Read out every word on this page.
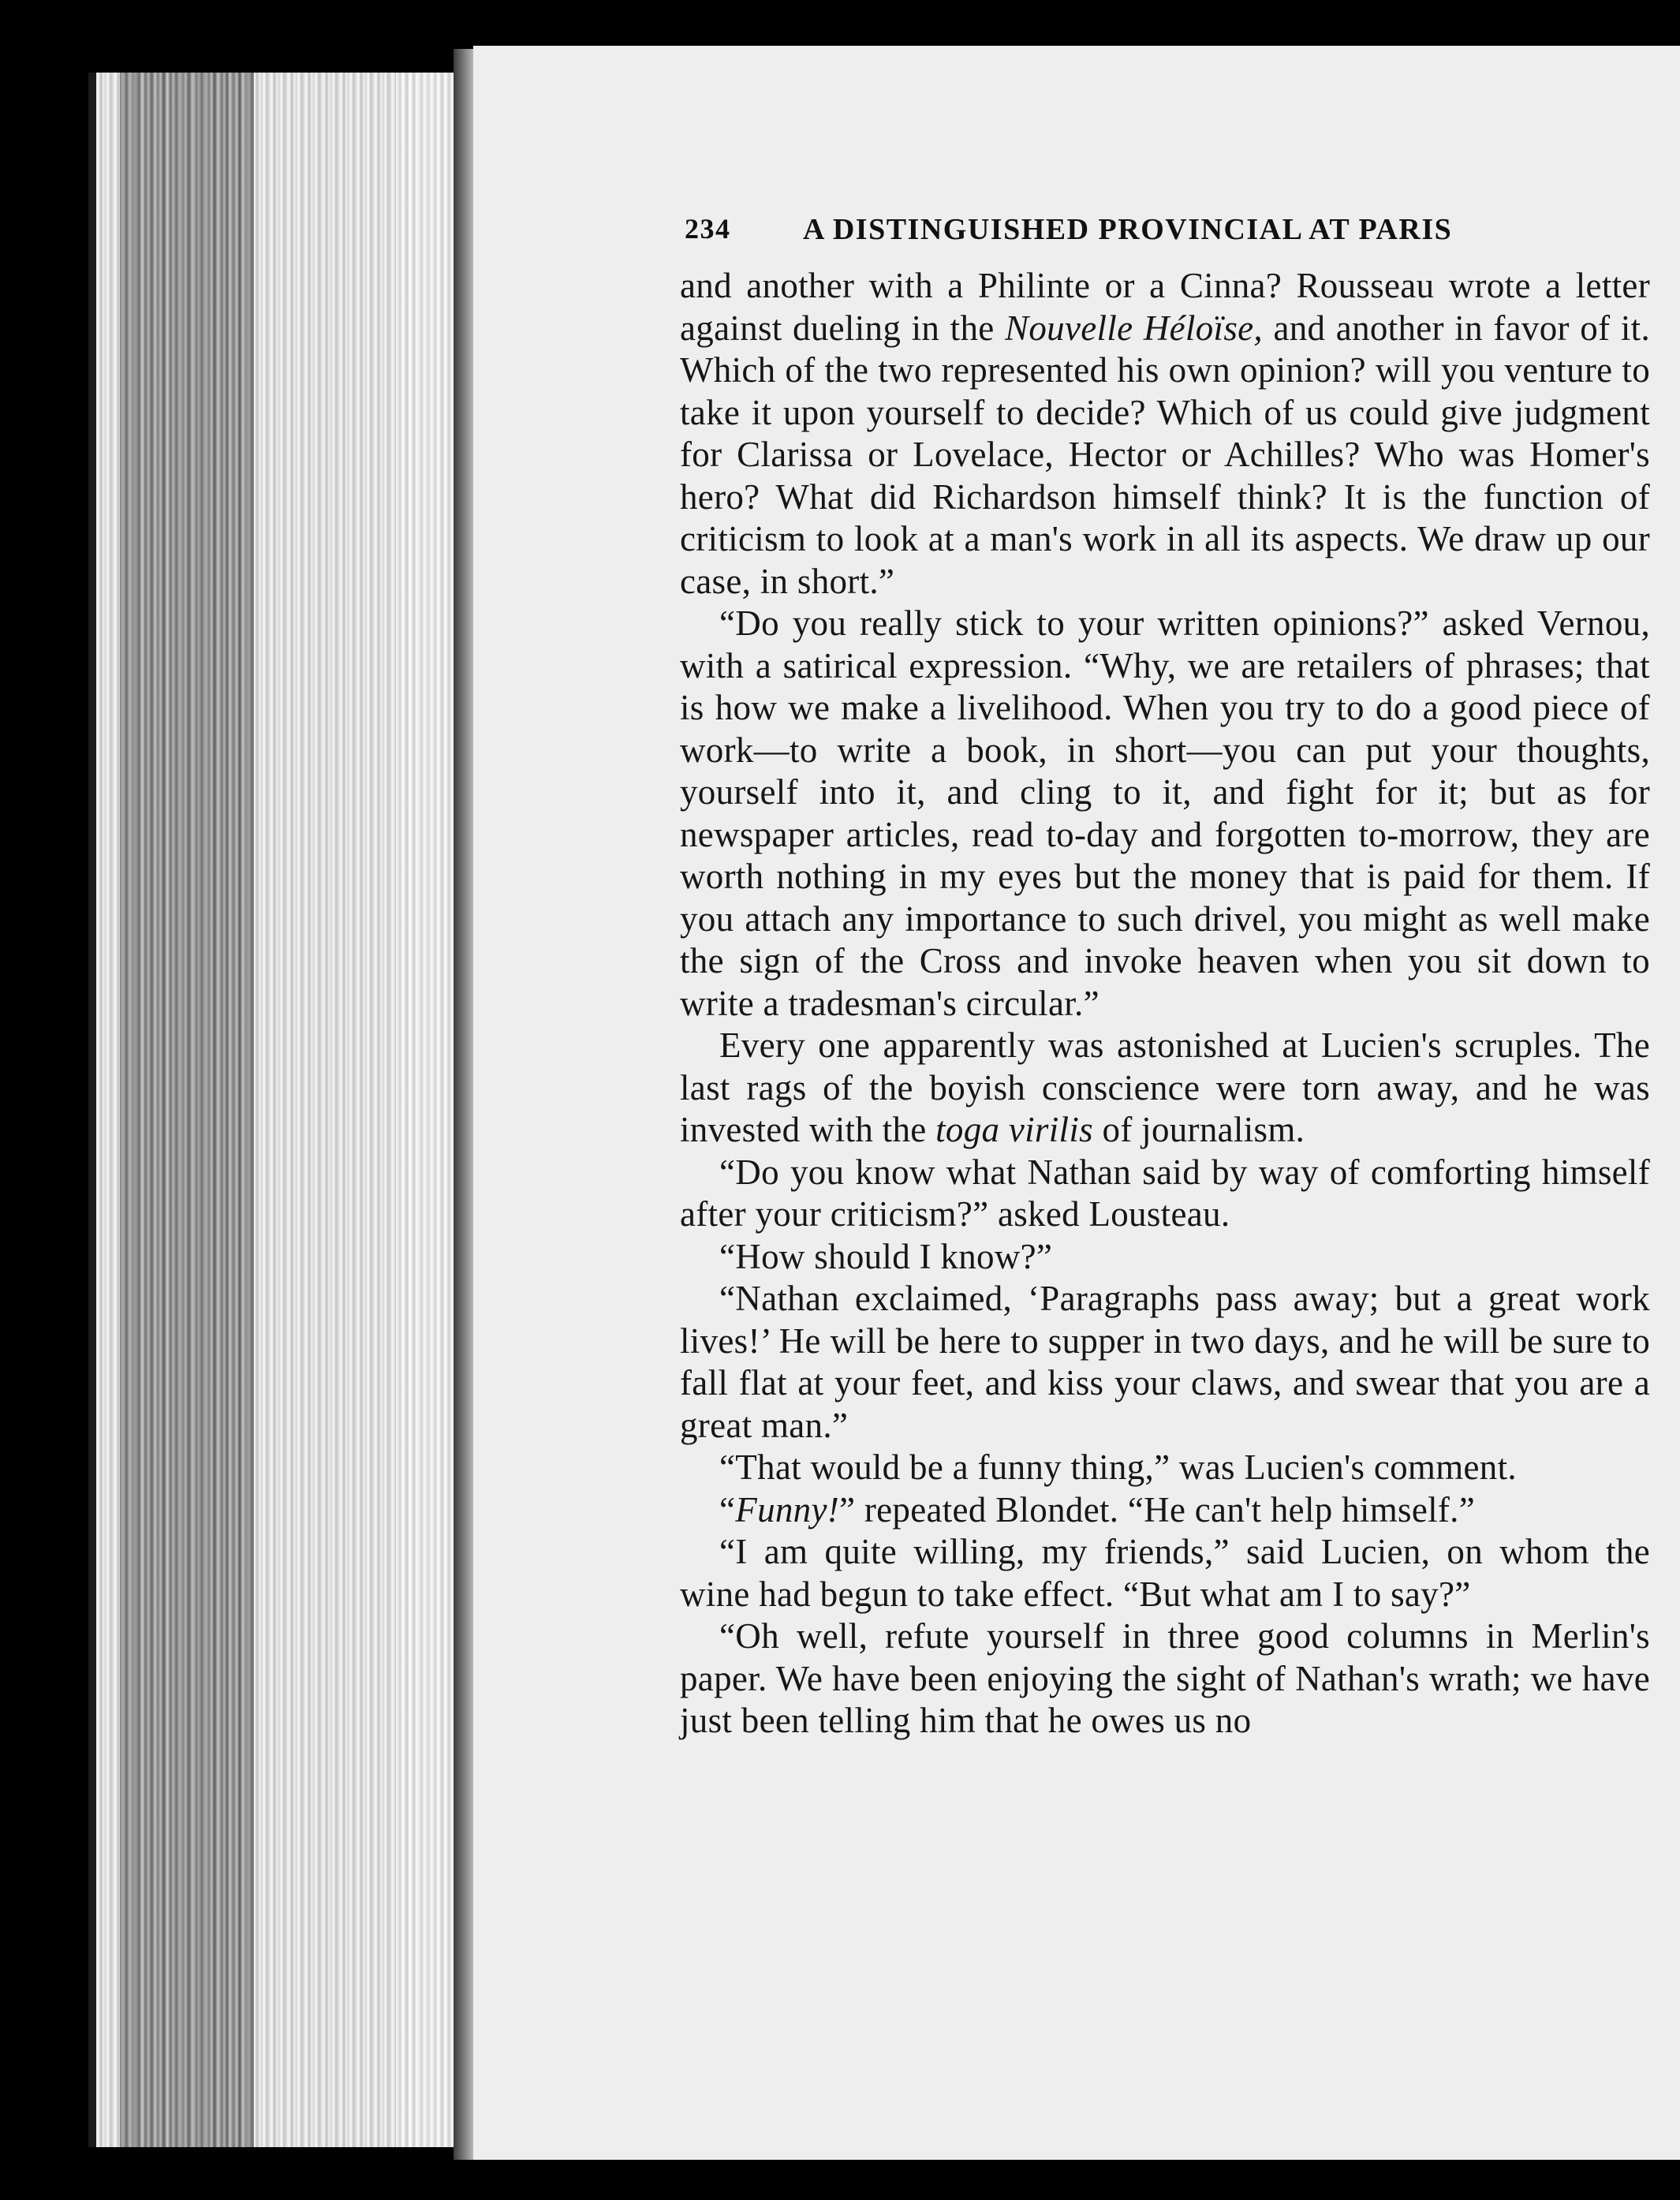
234 A DISTINGUISHED PROVINCIAL AT PARIS

and another with a Philinte or a Cinna? Rousseau wrote a letter against dueling in the Nouvelle Héloïse, and another in favor of it. Which of the two represented his own opinion? will you venture to take it upon yourself to decide? Which of us could give judgment for Clarissa or Lovelace, Hector or Achilles? Who was Homer's hero? What did Richardson himself think? It is the function of criticism to look at a man's work in all its aspects. We draw up our case, in short.”

“Do you really stick to your written opinions?” asked Vernou, with a satirical expression. “Why, we are retailers of phrases; that is how we make a livelihood. When you try to do a good piece of work—to write a book, in short—you can put your thoughts, yourself into it, and cling to it, and fight for it; but as for newspaper articles, read to-day and forgotten to-morrow, they are worth nothing in my eyes but the money that is paid for them. If you attach any importance to such drivel, you might as well make the sign of the Cross and invoke heaven when you sit down to write a tradesman's circular.”

Every one apparently was astonished at Lucien's scruples. The last rags of the boyish conscience were torn away, and he was invested with the toga virilis of journalism.

“Do you know what Nathan said by way of comforting himself after your criticism?” asked Lousteau.

“How should I know?”

“Nathan exclaimed, ‘Paragraphs pass away; but a great work lives!’ He will be here to supper in two days, and he will be sure to fall flat at your feet, and kiss your claws, and swear that you are a great man.”

“That would be a funny thing,” was Lucien's comment.

“Funny!” repeated Blondet. “He can't help himself.”

“I am quite willing, my friends,” said Lucien, on whom the wine had begun to take effect. “But what am I to say?”

“Oh well, refute yourself in three good columns in Merlin's paper. We have been enjoying the sight of Nathan's wrath; we have just been telling him that he owes us no
